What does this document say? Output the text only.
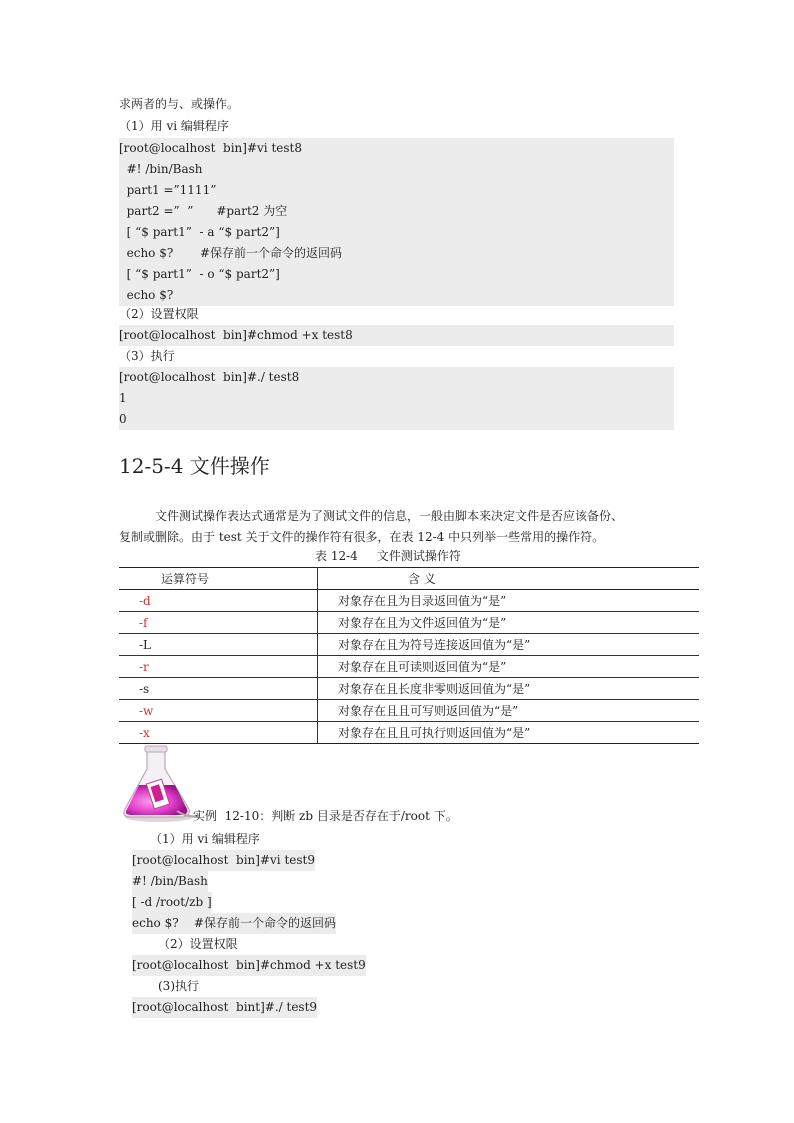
求两者的与、或操作。
（1）用 vi 编辑程序
[root@localhost  bin]#vi test8
#! /bin/Bash
part1 =”1111”
part2 =”  ”      #part2 为空
[ “$ part1”  - a “$ part2”]
echo $?       #保存前一个命令的返回码
[ “$ part1”  - o “$ part2”]
echo $?
（2）设置权限
[root@localhost  bin]#chmod +x test8
（3）执行
[root@localhost  bin]#./ test8
1
0
12-5-4 文件操作
文件测试操作表达式通常是为了测试文件的信息，一般由脚本来决定文件是否应该备份、
复制或删除。由于 test 关于文件的操作符有很多，在表 12-4 中只列举一些常用的操作符。
表 12-4     文件测试操作符
运算符号	含 义
-d	对象存在且为目录返回值为“是”
-f	对象存在且为文件返回值为“是”
-L	对象存在且为符号连接返回值为“是”
-r	对象存在且可读则返回值为“是”
-s	对象存在且长度非零则返回值为“是”
-w	对象存在且且可写则返回值为“是”
-x	对象存在且且可执行则返回值为“是”
实例  12-10：判断 zb 目录是否存在于/root 下。
（1）用 vi 编辑程序
[root@localhost  bin]#vi test9
#! /bin/Bash
[ -d /root/zb ]
echo $?    #保存前一个命令的返回码
（2）设置权限
[root@localhost  bin]#chmod +x test9
(3)执行
[root@localhost  bint]#./ test9
